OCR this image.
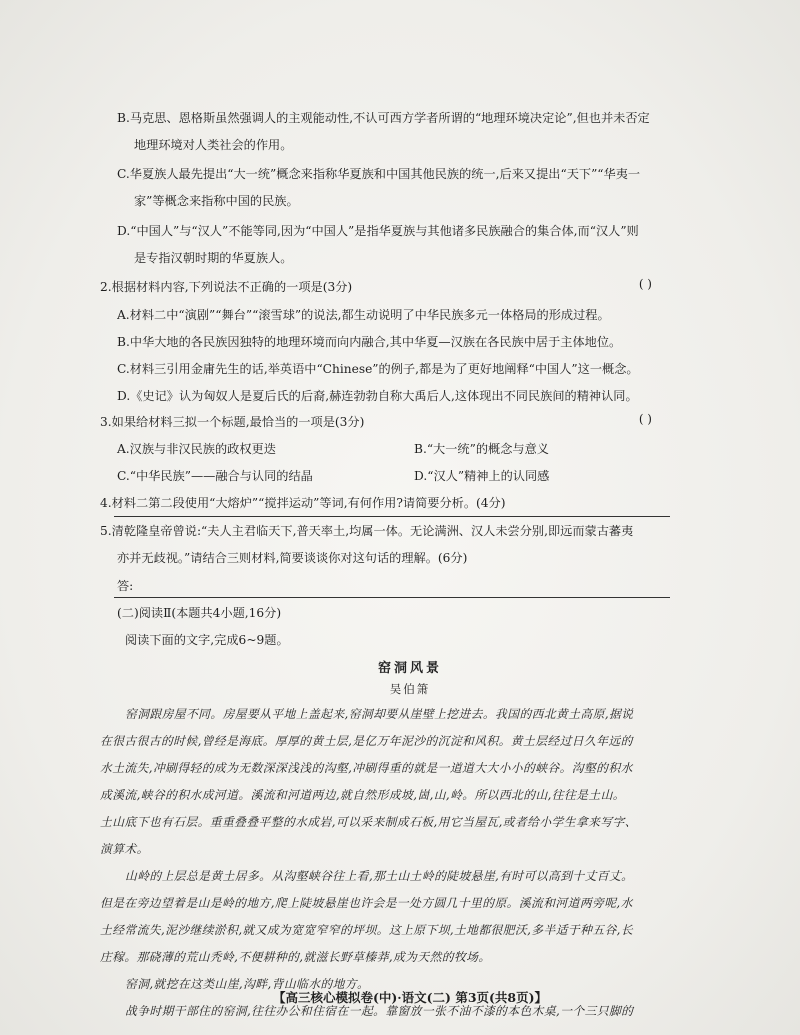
B.马克思、恩格斯虽然强调人的主观能动性,不认可西方学者所谓的“地理环境决定论”,但也并未否定
地理环境对人类社会的作用。
C.华夏族人最先提出“大一统”概念来指称华夏族和中国其他民族的统一,后来又提出“天下”“华夷一
家”等概念来指称中国的民族。
D.“中国人”与“汉人”不能等同,因为“中国人”是指华夏族与其他诸多民族融合的集合体,而“汉人”则
是专指汉朝时期的华夏族人。
2.根据材料内容,下列说法不正确的一项是(3分)	( )
A.材料二中“演剧”“舞台”“滚雪球”的说法,都生动说明了中华民族多元一体格局的形成过程。
B.中华大地的各民族因独特的地理环境而向内融合,其中华夏—汉族在各民族中居于主体地位。
C.材料三引用金庸先生的话,举英语中“Chinese”的例子,都是为了更好地阐释“中国人”这一概念。
D.《史记》认为匈奴人是夏后氏的后裔,赫连勃勃自称大禹后人,这体现出不同民族间的精神认同。
3.如果给材料三拟一个标题,最恰当的一项是(3分)	( )
A.汉族与非汉民族的政权更迭	B.“大一统”的概念与意义
C.“中华民族”——融合与认同的结晶	D.“汉人”精神上的认同感
4.材料二第二段使用“大熔炉”“搅拌运动”等词,有何作用?请简要分析。(4分)
5.清乾隆皇帝曾说:“夫人主君临天下,普天率土,均属一体。无论满洲、汉人未尝分别,即远而蒙古蕃夷
亦并无歧视。”请结合三则材料,简要谈谈你对这句话的理解。(6分)
答:
(二)阅读Ⅱ(本题共4小题,16分)
阅读下面的文字,完成6~9题。
窑洞风景
吴伯箫
窑洞跟房屋不同。房屋要从平地上盖起来,窑洞却要从崖壁上挖进去。我国的西北黄土高原,据说
在很古很古的时候,曾经是海底。厚厚的黄土层,是亿万年泥沙的沉淀和风积。黄土层经过日久年远的
水土流失,冲刷得轻的成为无数深深浅浅的沟壑,冲刷得重的就是一道道大大小小的峡谷。沟壑的积水
成溪流,峡谷的积水成河道。溪流和河道两边,就自然形成坡,崮,山,岭。所以西北的山,往往是土山。
土山底下也有石层。重重叠叠平整的水成岩,可以采来制成石板,用它当屋瓦,或者给小学生拿来写字、
演算术。
山岭的上层总是黄土居多。从沟壑峡谷往上看,那土山土岭的陡坡悬崖,有时可以高到十丈百丈。
但是在旁边望着是山是岭的地方,爬上陡坡悬崖也许会是一处方圆几十里的原。溪流和河道两旁呢,水
土经常流失,泥沙继续淤积,就又成为宽宽窄窄的坪坝。这上原下坝,土地都很肥沃,多半适于种五谷,长
庄稼。那硗薄的荒山秃岭,不便耕种的,就滋长野草榛莽,成为天然的牧场。
窑洞,就挖在这类山崖,沟畔,背山临水的地方。
战争时期干部住的窑洞,往往办公和住宿在一起。靠窗放一张不油不漆的本色木桌,一个三只脚的
【高三核心模拟卷(中)·语文(二) 第3页(共8页)】
